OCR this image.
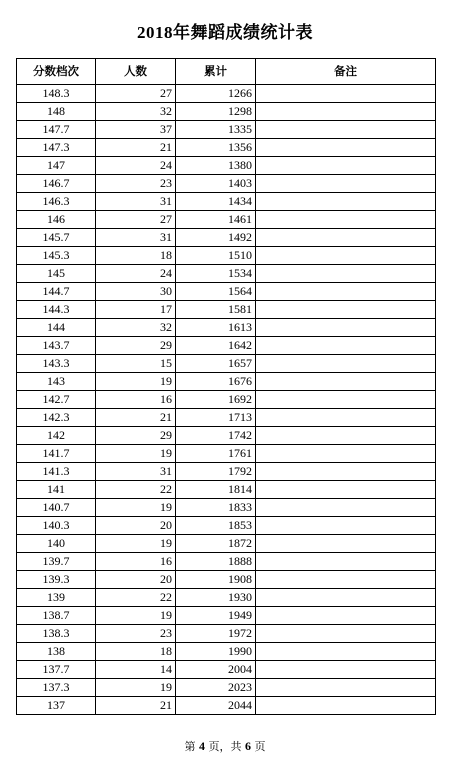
2018年舞蹈成绩统计表
分数档次	人数	累计	备注
148.3	27	1266	
148	32	1298	
147.7	37	1335	
147.3	21	1356	
147	24	1380	
146.7	23	1403	
146.3	31	1434	
146	27	1461	
145.7	31	1492	
145.3	18	1510	
145	24	1534	
144.7	30	1564	
144.3	17	1581	
144	32	1613	
143.7	29	1642	
143.3	15	1657	
143	19	1676	
142.7	16	1692	
142.3	21	1713	
142	29	1742	
141.7	19	1761	
141.3	31	1792	
141	22	1814	
140.7	19	1833	
140.3	20	1853	
140	19	1872	
139.7	16	1888	
139.3	20	1908	
139	22	1930	
138.7	19	1949	
138.3	23	1972	
138	18	1990	
137.7	14	2004	
137.3	19	2023	
137	21	2044	
第 4 页，共 6 页
